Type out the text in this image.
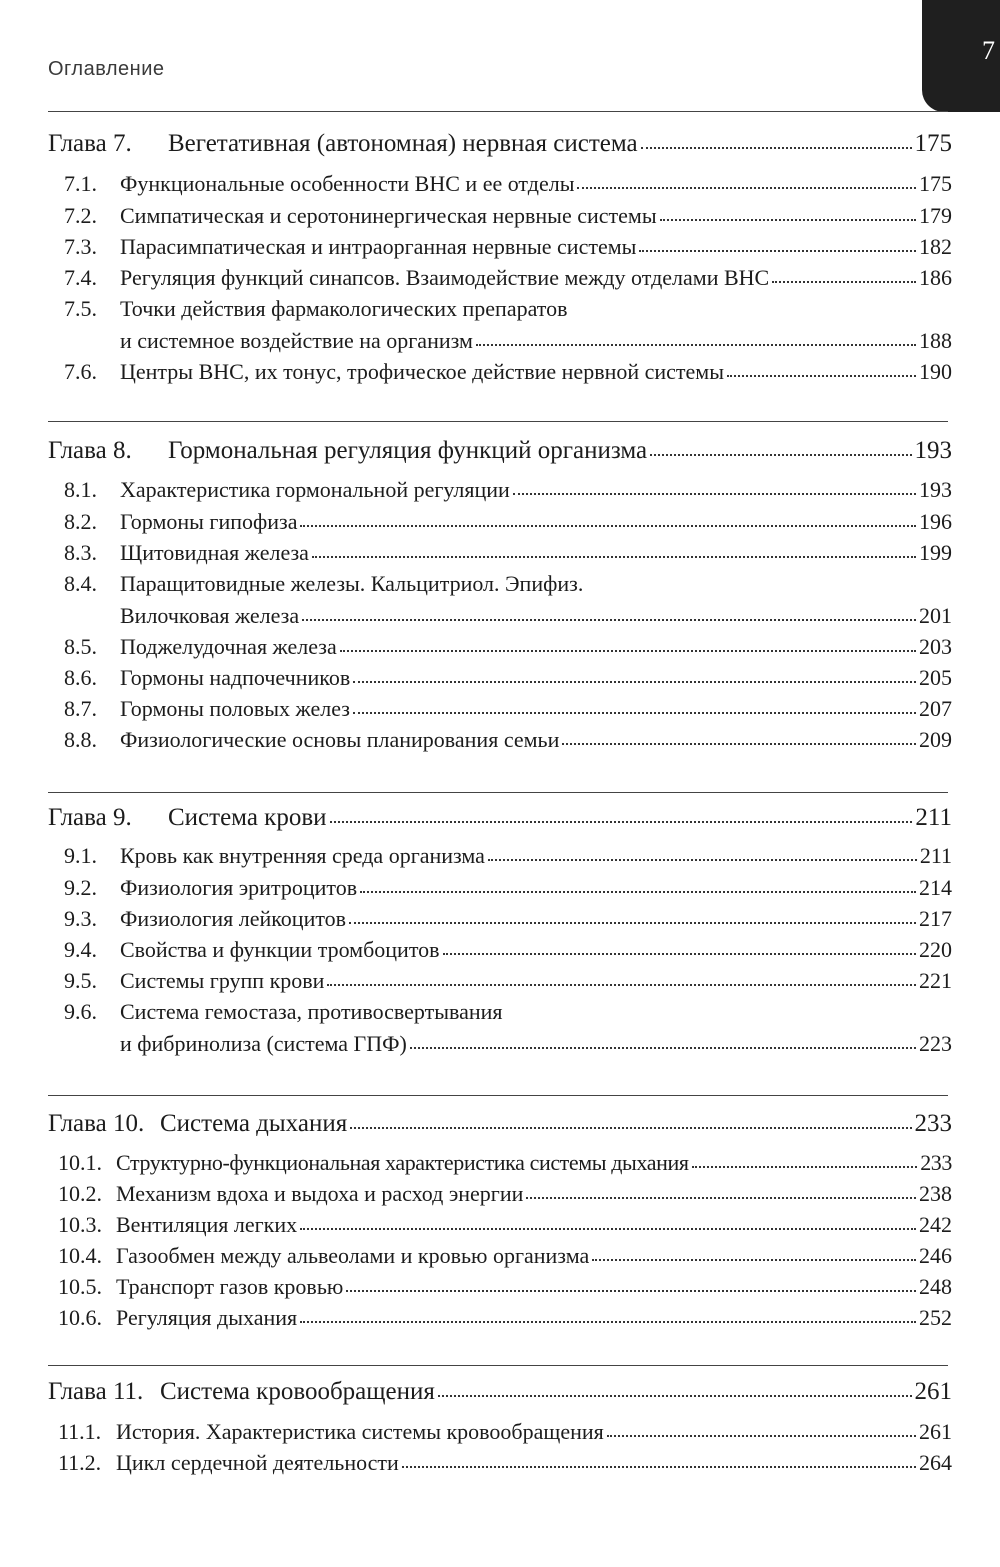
Оглавление
7
Глава 7. Вегетативная (автономная) нервная система	175
7.1. Функциональные особенности ВНС и ее отделы	175
7.2. Симпатическая и серотонинергическая нервные системы	179
7.3. Парасимпатическая и интраорганная нервные системы	182
7.4. Регуляция функций синапсов. Взаимодействие между отделами ВНС	186
7.5. Точки действия фармакологических препаратов
и системное воздействие на организм	188
7.6. Центры ВНС, их тонус, трофическое действие нервной системы	190
Глава 8. Гормональная регуляция функций организма	193
8.1. Характеристика гормональной регуляции	193
8.2. Гормоны гипофиза	196
8.3. Щитовидная железа	199
8.4. Паращитовидные железы. Кальцитриол. Эпифиз.
Вилочковая железа	201
8.5. Поджелудочная железа	203
8.6. Гормоны надпочечников	205
8.7. Гормоны половых желез	207
8.8. Физиологические основы планирования семьи	209
Глава 9. Система крови	211
9.1. Кровь как внутренняя среда организма	211
9.2. Физиология эритроцитов	214
9.3. Физиология лейкоцитов	217
9.4. Свойства и функции тромбоцитов	220
9.5. Системы групп крови	221
9.6. Система гемостаза, противосвертывания
и фибринолиза (система ГПФ)	223
Глава 10. Система дыхания	233
10.1. Структурно-функциональная характеристика системы дыхания	233
10.2. Механизм вдоха и выдоха и расход энергии	238
10.3. Вентиляция легких	242
10.4. Газообмен между альвеолами и кровью организма	246
10.5. Транспорт газов кровью	248
10.6. Регуляция дыхания	252
Глава 11. Система кровообращения	261
11.1. История. Характеристика системы кровообращения	261
11.2. Цикл сердечной деятельности	264
